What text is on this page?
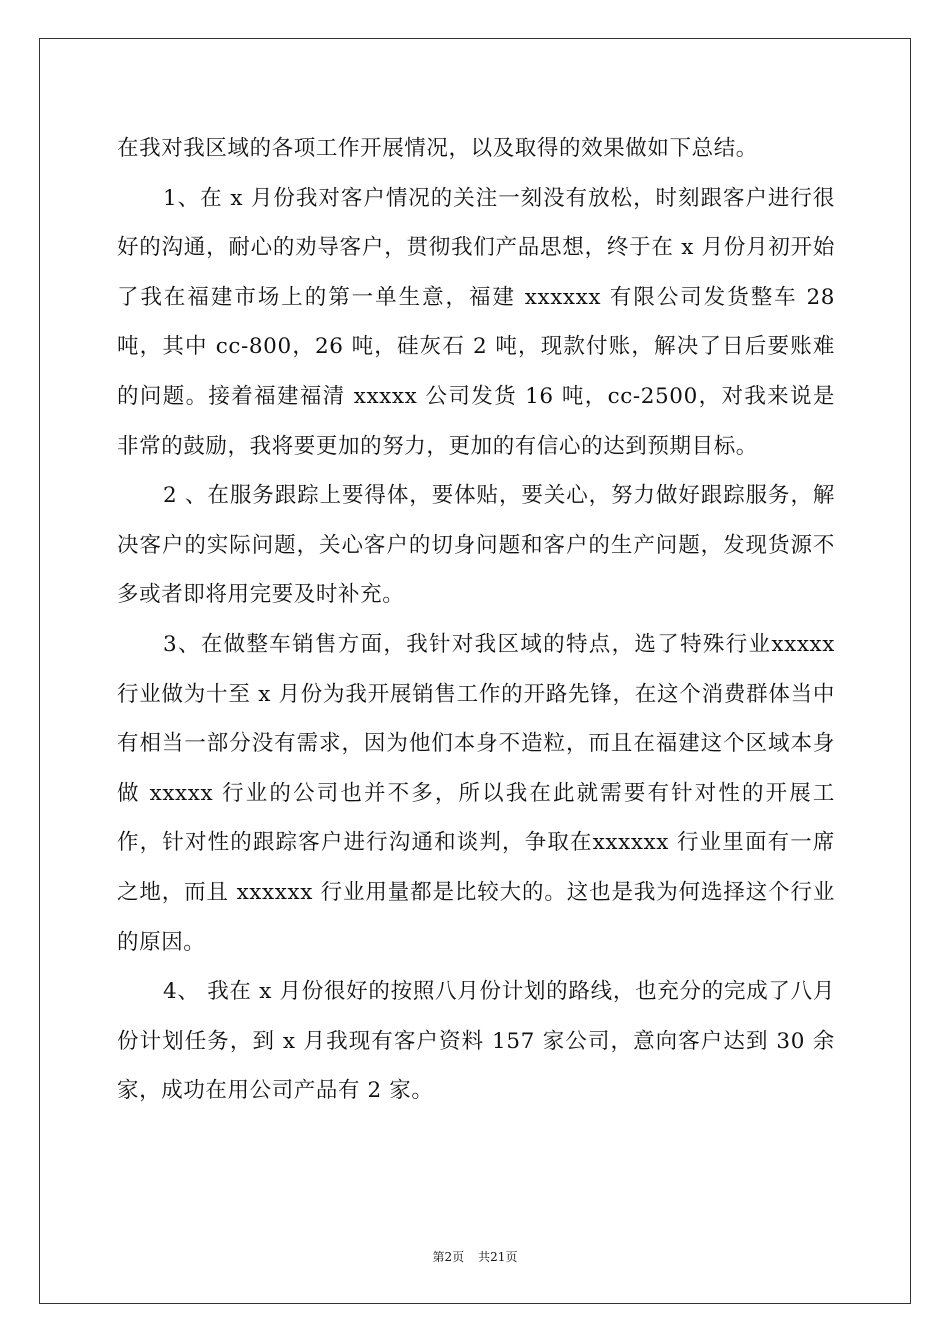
在我对我区域的各项工作开展情况，以及取得的效果做如下总结。

1、在 x 月份我对客户情况的关注一刻没有放松，时刻跟客户进行很好的沟通，耐心的劝导客户，贯彻我们产品思想，终于在 x 月份月初开始了我在福建市场上的第一单生意，福建 xxxxxx 有限公司发货整车 28 吨，其中 cc-800，26 吨，硅灰石 2 吨，现款付账，解决了日后要账难的问题。接着福建福清 xxxxx 公司发货 16 吨，cc-2500，对我来说是非常的鼓励，我将要更加的努力，更加的有信心的达到预期目标。

2 、在服务跟踪上要得体，要体贴，要关心，努力做好跟踪服务，解决客户的实际问题，关心客户的切身问题和客户的生产问题，发现货源不多或者即将用完要及时补充。

3、在做整车销售方面，我针对我区域的特点，选了特殊行业xxxxx 行业做为十至 x 月份为我开展销售工作的开路先锋，在这个消费群体当中有相当一部分没有需求，因为他们本身不造粒，而且在福建这个区域本身做 xxxxx 行业的公司也并不多，所以我在此就需要有针对性的开展工作，针对性的跟踪客户进行沟通和谈判，争取在xxxxxx 行业里面有一席之地，而且 xxxxxx 行业用量都是比较大的。这也是我为何选择这个行业的原因。

4、 我在 x 月份很好的按照八月份计划的路线，也充分的完成了八月份计划任务，到 x 月我现有客户资料 157 家公司，意向客户达到 30 余家，成功在用公司产品有 2 家。

第2页 共21页
